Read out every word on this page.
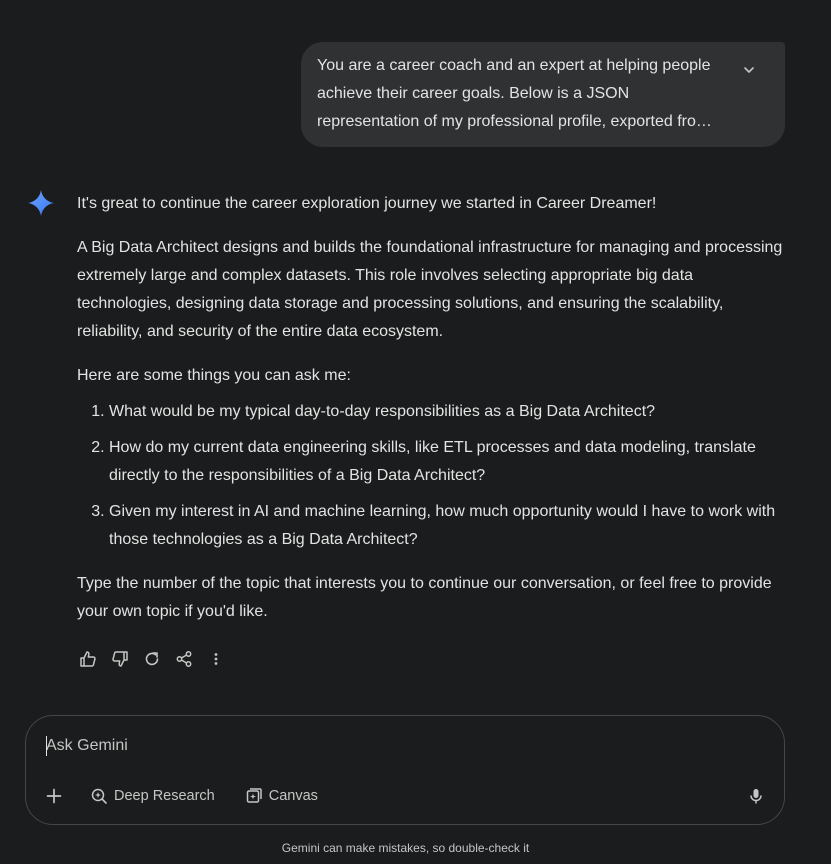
You are a career coach and an expert at helping people achieve their career goals. Below is a JSON representation of my professional profile, exported fro…

It's great to continue the career exploration journey we started in Career Dreamer!

A Big Data Architect designs and builds the foundational infrastructure for managing and processing extremely large and complex datasets. This role involves selecting appropriate big data technologies, designing data storage and processing solutions, and ensuring the scalability, reliability, and security of the entire data ecosystem.

Here are some things you can ask me:

1. What would be my typical day-to-day responsibilities as a Big Data Architect?
2. How do my current data engineering skills, like ETL processes and data modeling, translate directly to the responsibilities of a Big Data Architect?
3. Given my interest in AI and machine learning, how much opportunity would I have to work with those technologies as a Big Data Architect?

Type the number of the topic that interests you to continue our conversation, or feel free to provide your own topic if you'd like.

Ask Gemini
Deep Research	Canvas
Gemini can make mistakes, so double-check it
